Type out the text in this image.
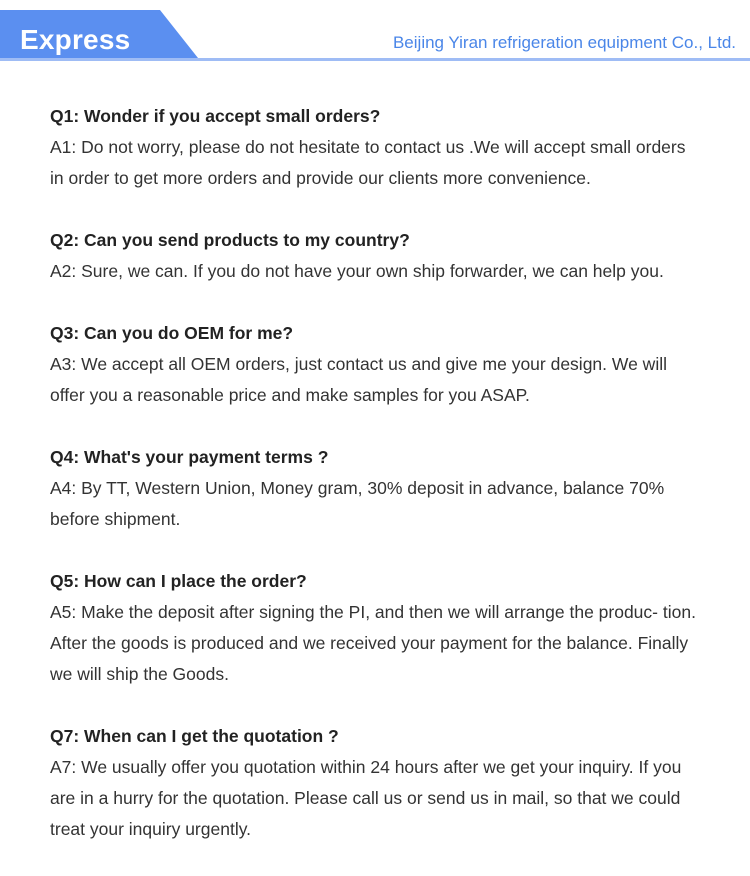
Express	Beijing Yiran refrigeration equipment Co., Ltd.

Q1: Wonder if you accept small orders?

A1: Do not worry, please do not hesitate to contact us .We will accept small orders in order to get more orders and provide our clients more convenience.

Q2: Can you send products to my country?

A2: Sure, we can. If you do not have your own ship forwarder, we can help you.

Q3: Can you do OEM for me?

A3: We accept all OEM orders, just contact us and give me your design. We will offer you a reasonable price and make samples for you ASAP.

Q4: What's your payment terms ?

A4: By TT, Western Union, Money gram, 30% deposit in advance, balance 70% before shipment.

Q5: How can I place the order?

A5: Make the deposit after signing the PI, and then we will arrange the produc- tion. After the goods is produced and we received your payment for the balance. Finally we will ship the Goods.

Q7: When can I get the quotation ?

A7: We usually offer you quotation within 24 hours after we get your inquiry. If you are in a hurry for the quotation. Please call us or send us in mail, so that we could treat your inquiry urgently.
